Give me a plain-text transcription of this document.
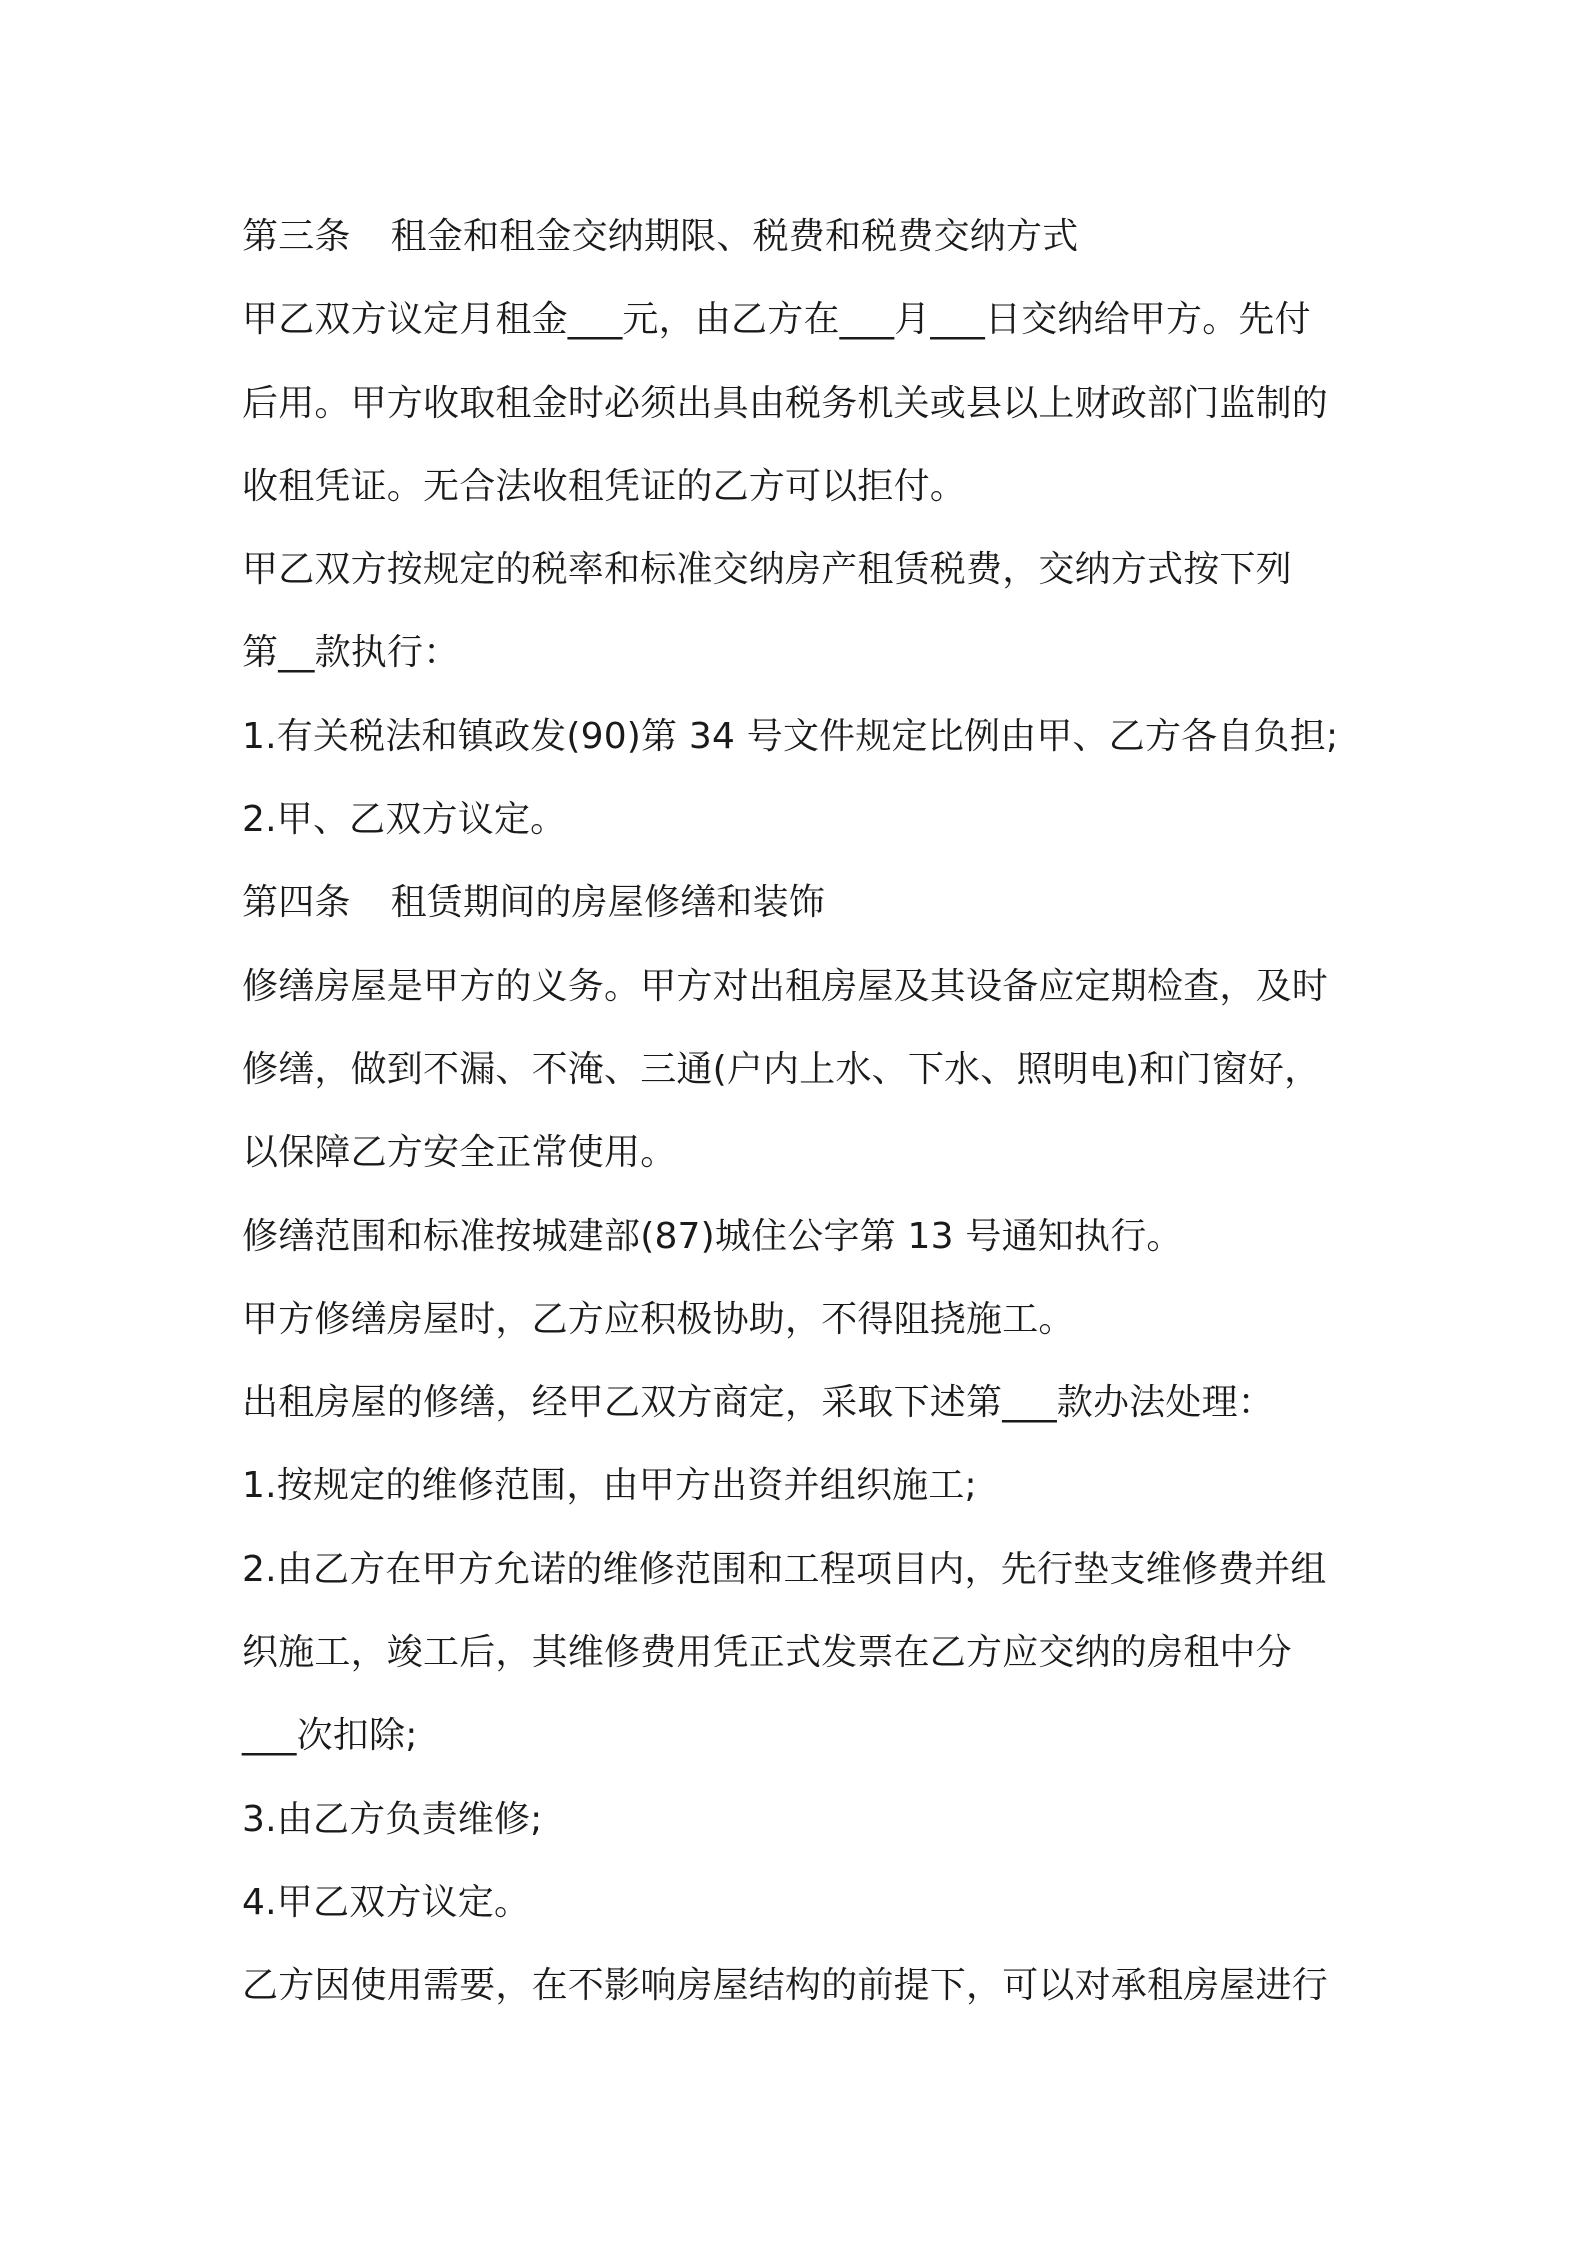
第三条 租金和租金交纳期限、税费和税费交纳方式
甲乙双方议定月租金___元，由乙方在___月___日交纳给甲方。先付
后用。甲方收取租金时必须出具由税务机关或县以上财政部门监制的
收租凭证。无合法收租凭证的乙方可以拒付。
甲乙双方按规定的税率和标准交纳房产租赁税费，交纳方式按下列
第__款执行：
1.有关税法和镇政发(90)第 34 号文件规定比例由甲、乙方各自负担;
2.甲、乙双方议定。
第四条 租赁期间的房屋修缮和装饰
修缮房屋是甲方的义务。甲方对出租房屋及其设备应定期检查，及时
修缮，做到不漏、不淹、三通(户内上水、下水、照明电)和门窗好，
以保障乙方安全正常使用。
修缮范围和标准按城建部(87)城住公字第 13 号通知执行。
甲方修缮房屋时，乙方应积极协助，不得阻挠施工。
出租房屋的修缮，经甲乙双方商定，采取下述第___款办法处理：
1.按规定的维修范围，由甲方出资并组织施工;
2.由乙方在甲方允诺的维修范围和工程项目内，先行垫支维修费并组
织施工，竣工后，其维修费用凭正式发票在乙方应交纳的房租中分
___次扣除;
3.由乙方负责维修;
4.甲乙双方议定。
乙方因使用需要，在不影响房屋结构的前提下，可以对承租房屋进行
